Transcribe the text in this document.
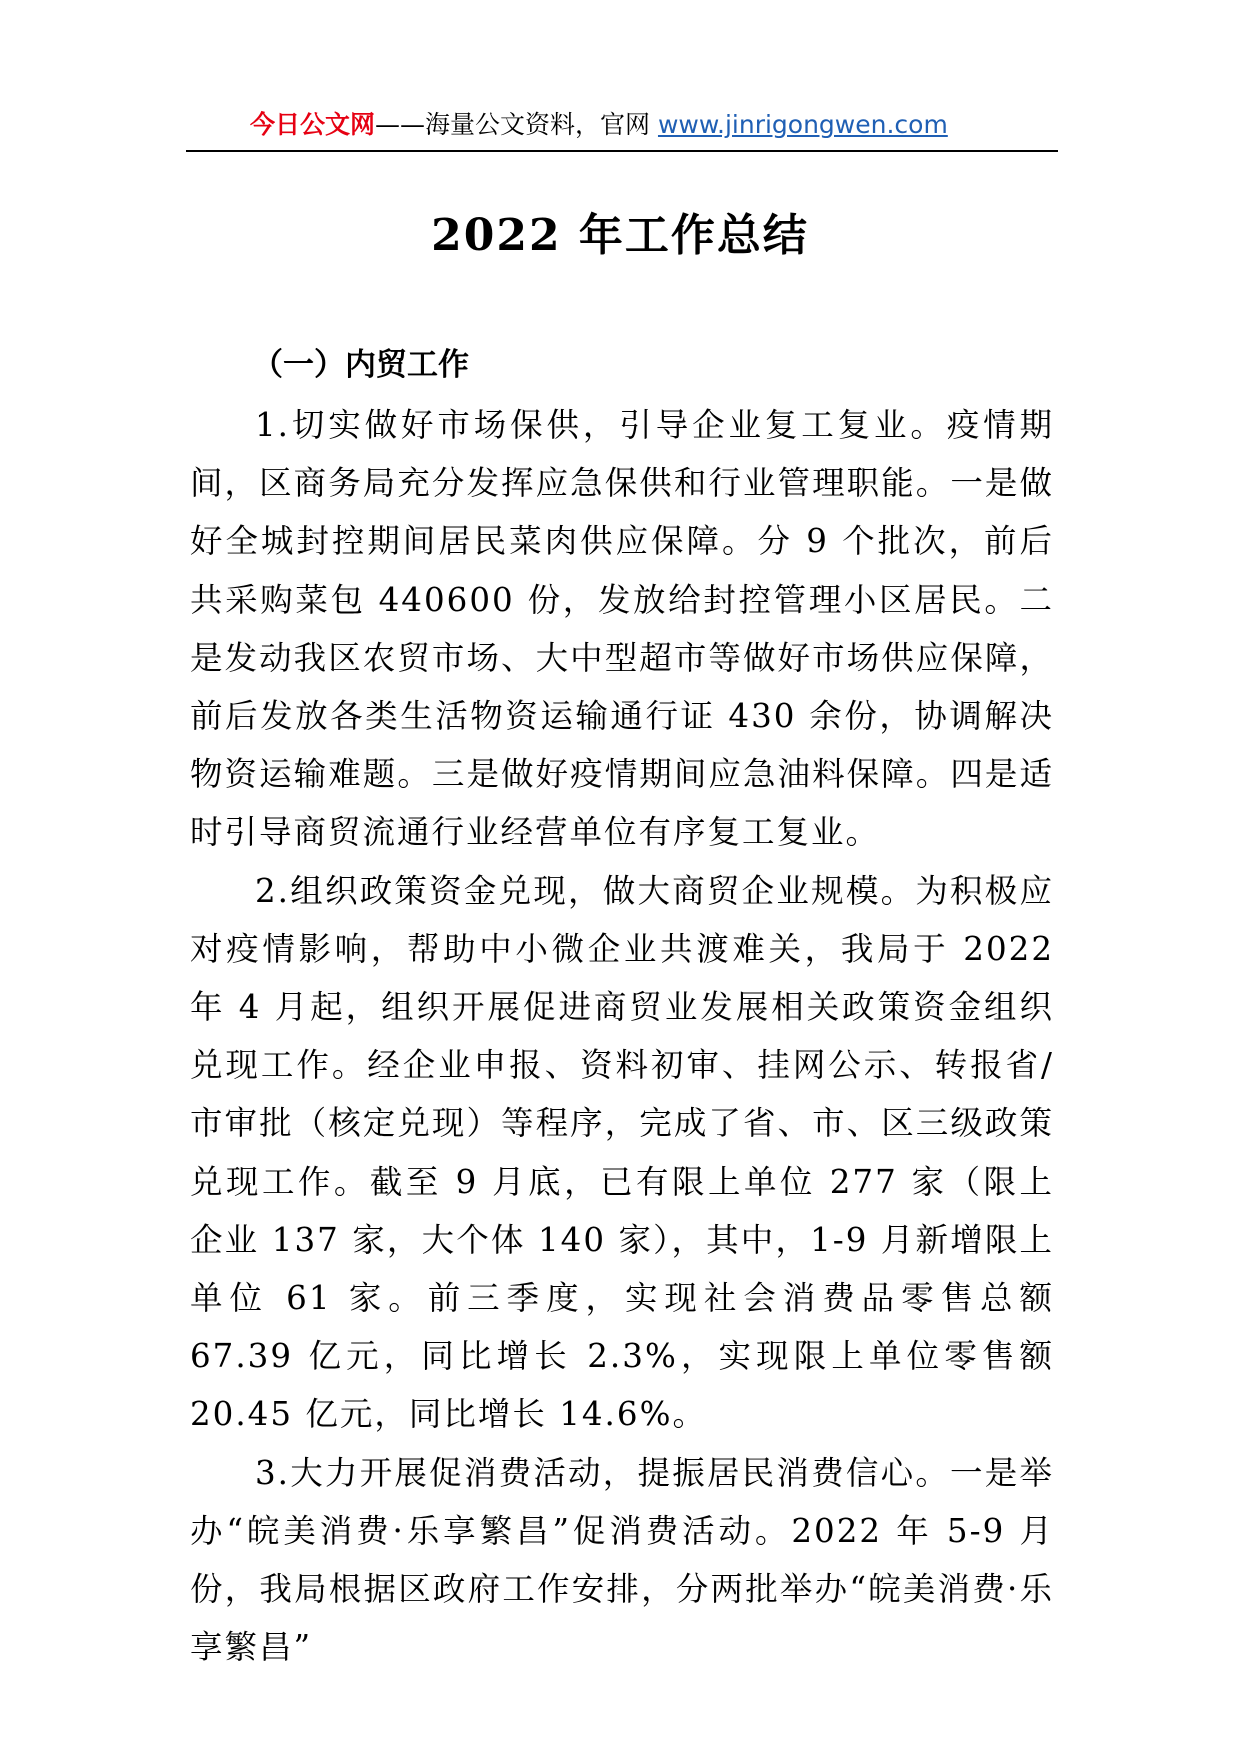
今日公文网——海量公文资料，官网 www.jinrigongwen.com
2022 年工作总结
（一）内贸工作

1.切实做好市场保供，引导企业复工复业。疫情期间，区商务局充分发挥应急保供和行业管理职能。一是做好全城封控期间居民菜肉供应保障。分 9 个批次，前后共采购菜包 440600 份，发放给封控管理小区居民。二是发动我区农贸市场、大中型超市等做好市场供应保障，前后发放各类生活物资运输通行证 430 余份，协调解决物资运输难题。三是做好疫情期间应急油料保障。四是适时引导商贸流通行业经营单位有序复工复业。

2.组织政策资金兑现，做大商贸企业规模。为积极应对疫情影响，帮助中小微企业共渡难关，我局于 2022 年 4 月起，组织开展促进商贸业发展相关政策资金组织兑现工作。经企业申报、资料初审、挂网公示、转报省/市审批（核定兑现）等程序，完成了省、市、区三级政策兑现工作。截至 9 月底，已有限上单位 277 家（限上企业 137 家，大个体 140 家），其中，1-9 月新增限上单位 61 家。前三季度，实现社会消费品零售总额 67.39 亿元，同比增长 2.3%，实现限上单位零售额 20.45 亿元，同比增长 14.6%。

3.大力开展促消费活动，提振居民消费信心。一是举办“皖美消费·乐享繁昌”促消费活动。2022 年 5-9 月份，我局根据区政府工作安排，分两批举办“皖美消费·乐享繁昌”
